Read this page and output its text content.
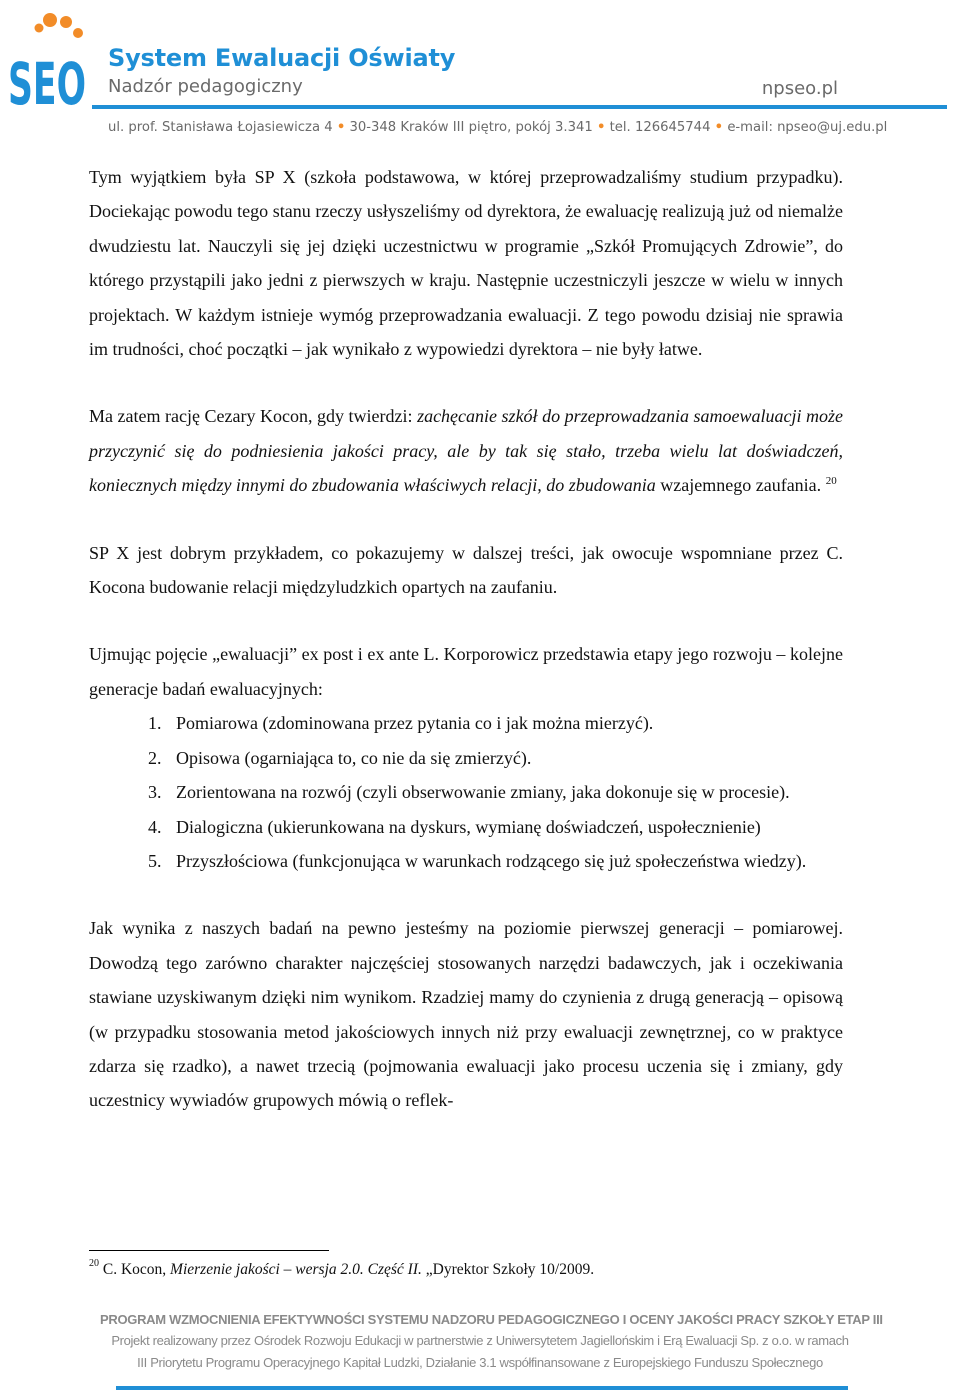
SEO System Ewaluacji Oświaty

Nadzór pedagogiczny	npseo.pl

ul. prof. Stanisława Łojasiewicza 4 • 30-348 Kraków III piętro, pokój 3.341 • tel. 126645744 • e-mail: npseo@uj.edu.pl

Tym wyjątkiem była SP X (szkoła podstawowa, w której przeprowadzaliśmy studium przypadku). Dociekając powodu tego stanu rzeczy usłyszeliśmy od dyrektora, że ewaluację realizują już od niemalże dwudziestu lat. Nauczyli się jej dzięki uczestnictwu w programie „Szkół Promujących Zdrowie”, do którego przystąpili jako jedni z pierwszych w kraju. Następnie uczestniczyli jeszcze w wielu w innych projektach. W każdym istnieje wymóg przeprowadzania ewaluacji. Z tego powodu dzisiaj nie sprawia im trudności, choć początki – jak wynikało z wypowiedzi dyrektora – nie były łatwe.

Ma zatem rację Cezary Kocon, gdy twierdzi: zachęcanie szkół do przeprowadzania samoewaluacji może przyczynić się do podniesienia jakości pracy, ale by tak się stało, trzeba wielu lat doświadczeń, koniecznych między innymi do zbudowania właściwych relacji, do zbudowania wzajemnego zaufania. $^{20}$

SP X jest dobrym przykładem, co pokazujemy w dalszej treści, jak owocuje wspomniane przez C. Kocona budowanie relacji międzyludzkich opartych na zaufaniu.

Ujmując pojęcie „ewaluacji” ex post i ex ante L. Korporowicz przedstawia etapy jego rozwoju – kolejne generacje badań ewaluacyjnych:

1. Pomiarowa (zdominowana przez pytania co i jak można mierzyć).
2. Opisowa (ogarniająca to, co nie da się zmierzyć).
3. Zorientowana na rozwój (czyli obserwowanie zmiany, jaka dokonuje się w procesie).
4. Dialogiczna (ukierunkowana na dyskurs, wymianę doświadczeń, uspołecznienie)
5. Przyszłościowa (funkcjonująca w warunkach rodzącego się już społeczeństwa wiedzy).

Jak wynika z naszych badań na pewno jesteśmy na poziomie pierwszej generacji – pomiarowej. Dowodzą tego zarówno charakter najczęściej stosowanych narzędzi badawczych, jak i oczekiwania stawiane uzyskiwanym dzięki nim wynikom. Rzadziej mamy do czynienia z drugą generacją – opisową (w przypadku stosowania metod jakościowych innych niż przy ewaluacji zewnętrznej, co w praktyce zdarza się rzadko), a nawet trzecią (pojmowania ewaluacji jako procesu uczenia się i zmiany, gdy uczestnicy wywiadów grupowych mówią o reflek-

$^{20}$ C. Kocon, Mierzenie jakości – wersja 2.0. Część II. „Dyrektor Szkoły 10/2009.

PROGRAM WZMOCNIENIA EFEKTYWNOŚCI SYSTEMU NADZORU PEDAGOGICZNEGO I OCENY JAKOŚCI PRACY SZKOŁY ETAP III

Projekt realizowany przez Ośrodek Rozwoju Edukacji w partnerstwie z Uniwersytetem Jagiellońskim i Erą Ewaluacji Sp. z o.o. w ramach

III Priorytetu Programu Operacyjnego Kapitał Ludzki, Działanie 3.1 współfinansowane z Europejskiego Funduszu Społecznego
